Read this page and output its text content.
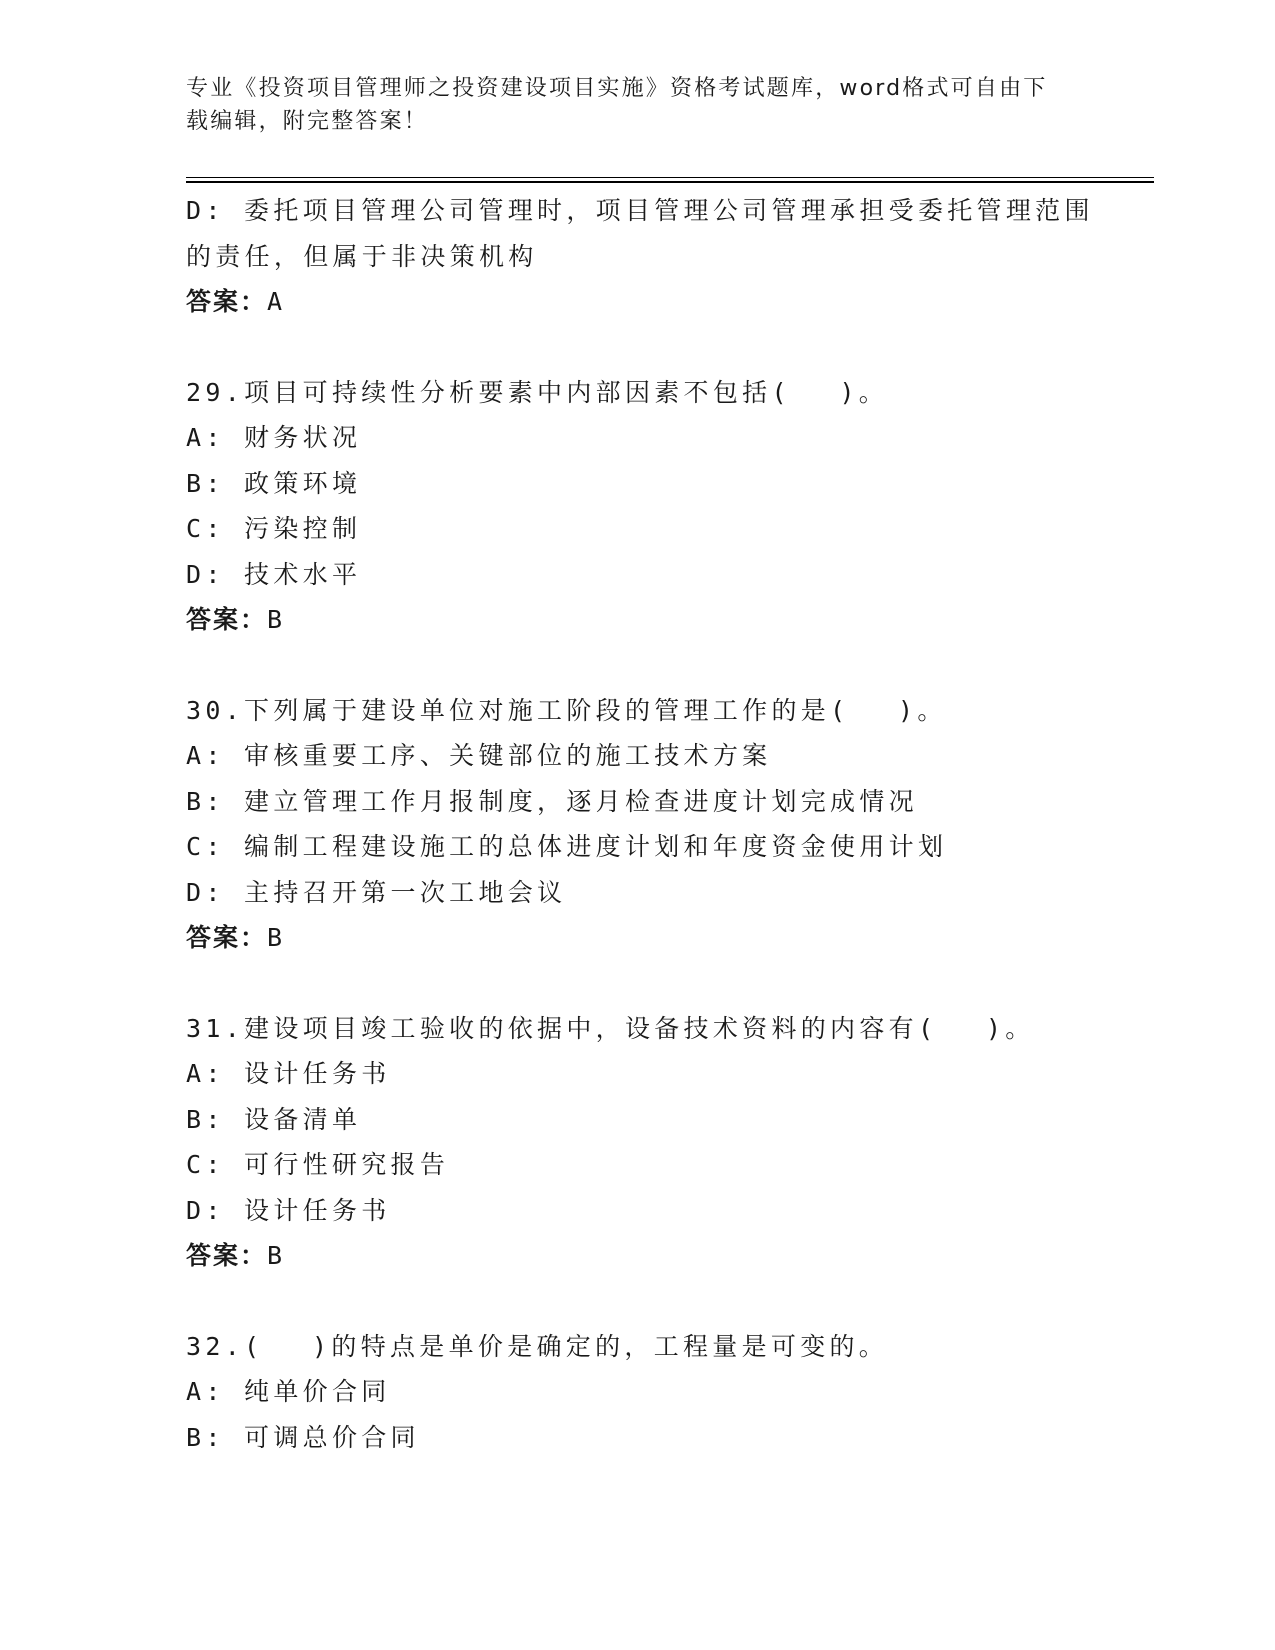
专业《投资项目管理师之投资建设项目实施》资格考试题库，word格式可自由下
载编辑，附完整答案！
D: 委托项目管理公司管理时，项目管理公司管理承担受委托管理范围
的责任，但属于非决策机构
答案：A
29.项目可持续性分析要素中内部因素不包括(　 )。
A: 财务状况
B: 政策环境
C: 污染控制
D: 技术水平
答案：B
30.下列属于建设单位对施工阶段的管理工作的是(　 )。
A: 审核重要工序、关键部位的施工技术方案
B: 建立管理工作月报制度，逐月检查进度计划完成情况
C: 编制工程建设施工的总体进度计划和年度资金使用计划
D: 主持召开第一次工地会议
答案：B
31.建设项目竣工验收的依据中，设备技术资料的内容有(　 )。
A: 设计任务书
B: 设备清单
C: 可行性研究报告
D: 设计任务书
答案：B
32.(　 )的特点是单价是确定的，工程量是可变的。
A: 纯单价合同
B: 可调总价合同
